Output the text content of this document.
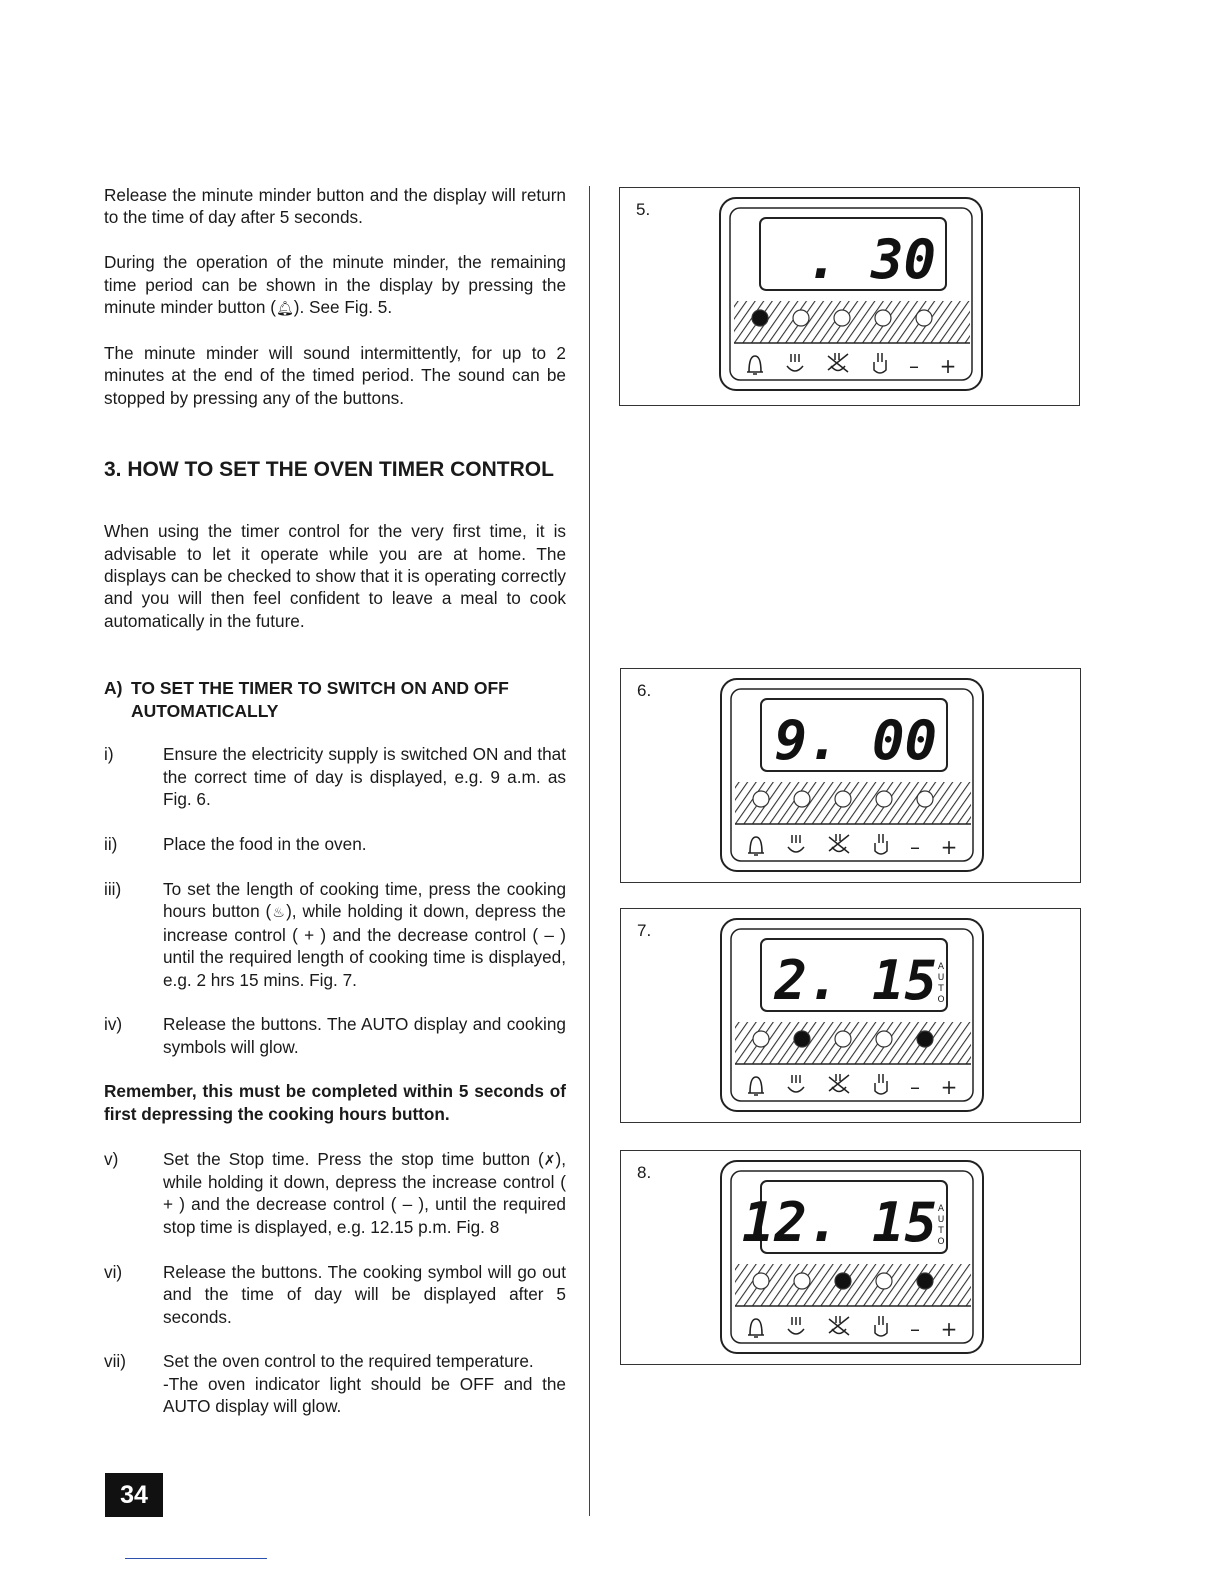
Release the minute minder button and the display will return to the time of day after 5 seconds.

During the operation of the minute minder, the remaining time period can be shown in the display by pressing the minute minder button (🔔︎). See Fig. 5.

The minute minder will sound intermittently, for up to 2 minutes at the end of the timed period. The sound can be stopped by pressing any of the buttons.

3. HOW TO SET THE OVEN TIMER CONTROL

When using the timer control for the very first time, it is advisable to let it operate while you are at home. The displays can be checked to show that it is operating correctly and you will then feel confident to leave a meal to cook automatically in the future.

A) TO SET THE TIMER TO SWITCH ON AND OFF
AUTOMATICALLY
i)	Ensure the electricity supply is switched ON and that the correct time of day is displayed, e.g. 9 a.m. as Fig. 6.
ii)	Place the food in the oven.
iii)	To set the length of cooking time, press the cooking hours button (♨), while holding it down, depress the increase control ( + ) and the decrease control ( – ) until the required length of cooking time is displayed, e.g. 2 hrs 15 mins. Fig. 7.
iv)	Release the buttons. The AUTO display and cooking symbols will glow.

Remember, this must be completed within 5 seconds of first depressing the cooking hours button.

v)	Set the Stop time. Press the stop time button (✗), while holding it down, depress the increase control ( + ) and the decrease control ( – ), until the required stop time is displayed, e.g. 12.15 p.m. Fig. 8
vi)	Release the buttons. The cooking symbol will go out and the time of day will be displayed after 5 seconds.
vii)	Set the oven control to the required temperature.
-The oven indicator light should be OFF and the AUTO display will glow.
34
5.
. 30
– +
6.
9. 00
– +
7.
2. 15 A
U
T
O
– +
8.
12. 15 A
U
T
O
– +
